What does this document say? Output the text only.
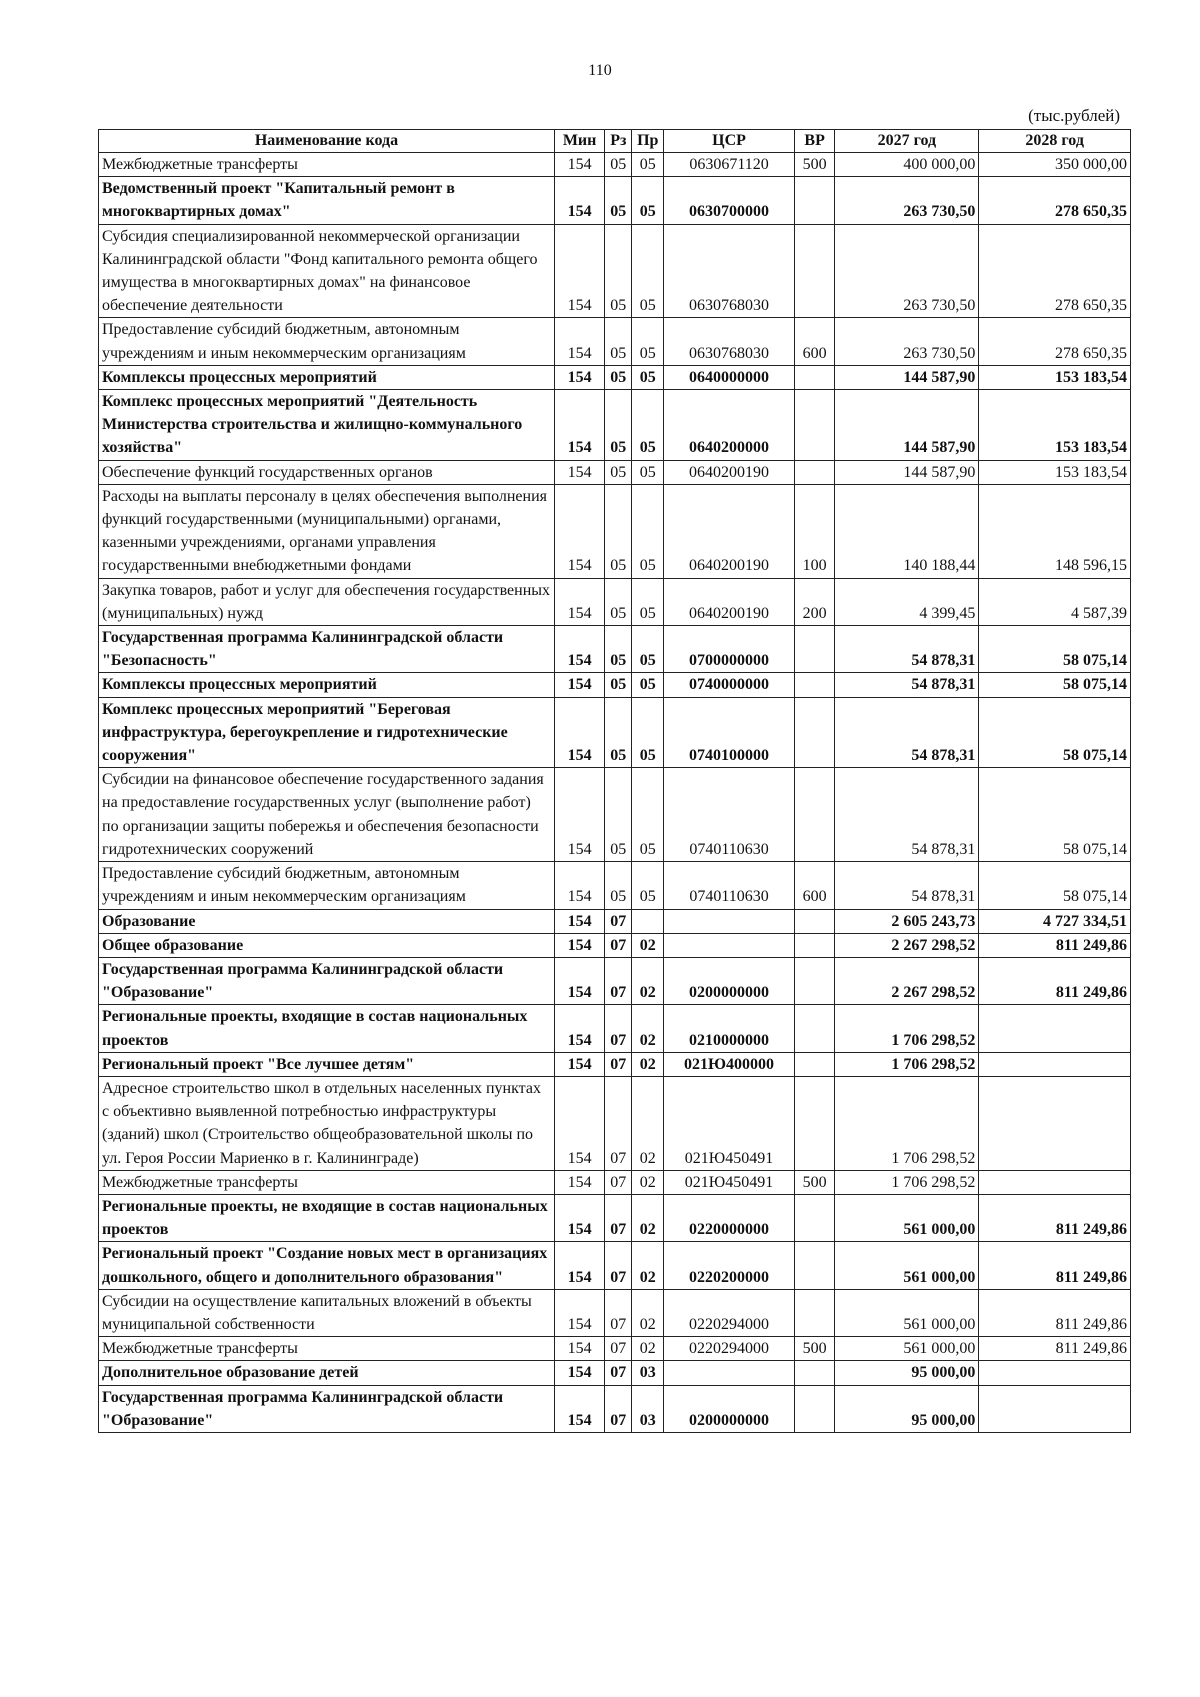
110
(тыс.рублей)
Наименование кода	Мин	Рз	Пр	ЦСР	ВР	2027 год	2028 год
Межбюджетные трансферты	154	05	05	0630671120	500	400 000,00	350 000,00
Ведомственный проект "Капитальный ремонт в многоквартирных домах"	154	05	05	0630700000		263 730,50	278 650,35
Субсидия специализированной некоммерческой организации Калининградской области "Фонд капитального ремонта общего имущества в многоквартирных домах" на финансовое обеспечение деятельности	154	05	05	0630768030		263 730,50	278 650,35
Предоставление субсидий бюджетным, автономным учреждениям и иным некоммерческим организациям	154	05	05	0630768030	600	263 730,50	278 650,35
Комплексы процессных мероприятий	154	05	05	0640000000		144 587,90	153 183,54
Комплекс процессных мероприятий "Деятельность Министерства строительства и жилищно-коммунального хозяйства"	154	05	05	0640200000		144 587,90	153 183,54
Обеспечение функций государственных органов	154	05	05	0640200190		144 587,90	153 183,54
Расходы на выплаты персоналу в целях обеспечения выполнения функций государственными (муниципальными) органами, казенными учреждениями, органами управления государственными внебюджетными фондами	154	05	05	0640200190	100	140 188,44	148 596,15
Закупка товаров, работ и услуг для обеспечения государственных (муниципальных) нужд	154	05	05	0640200190	200	4 399,45	4 587,39
Государственная программа Калининградской области "Безопасность"	154	05	05	0700000000		54 878,31	58 075,14
Комплексы процессных мероприятий	154	05	05	0740000000		54 878,31	58 075,14
Комплекс процессных мероприятий "Береговая инфраструктура, берегоукрепление и гидротехнические сооружения"	154	05	05	0740100000		54 878,31	58 075,14
Субсидии на финансовое обеспечение государственного задания на предоставление государственных услуг (выполнение работ) по организации защиты побережья и обеспечения безопасности гидротехнических сооружений	154	05	05	0740110630		54 878,31	58 075,14
Предоставление субсидий бюджетным, автономным учреждениям и иным некоммерческим организациям	154	05	05	0740110630	600	54 878,31	58 075,14
Образование	154	07				2 605 243,73	4 727 334,51
Общее образование	154	07	02			2 267 298,52	811 249,86
Государственная программа Калининградской области "Образование"	154	07	02	0200000000		2 267 298,52	811 249,86
Региональные проекты, входящие в состав национальных проектов	154	07	02	0210000000		1 706 298,52	
Региональный проект "Все лучшее детям"	154	07	02	021Ю400000		1 706 298,52	
Адресное строительство школ в отдельных населенных пунктах с объективно выявленной потребностью инфраструктуры (зданий) школ (Строительство общеобразовательной школы по ул. Героя России Мариенко в г. Калининграде)	154	07	02	021Ю450491		1 706 298,52	
Межбюджетные трансферты	154	07	02	021Ю450491	500	1 706 298,52	
Региональные проекты, не входящие в состав национальных проектов	154	07	02	0220000000		561 000,00	811 249,86
Региональный проект "Создание новых мест в организациях дошкольного, общего и дополнительного образования"	154	07	02	0220200000		561 000,00	811 249,86
Субсидии на осуществление капитальных вложений в объекты муниципальной собственности	154	07	02	0220294000		561 000,00	811 249,86
Межбюджетные трансферты	154	07	02	0220294000	500	561 000,00	811 249,86
Дополнительное образование детей	154	07	03			95 000,00	
Государственная программа Калининградской области "Образование"	154	07	03	0200000000		95 000,00	
